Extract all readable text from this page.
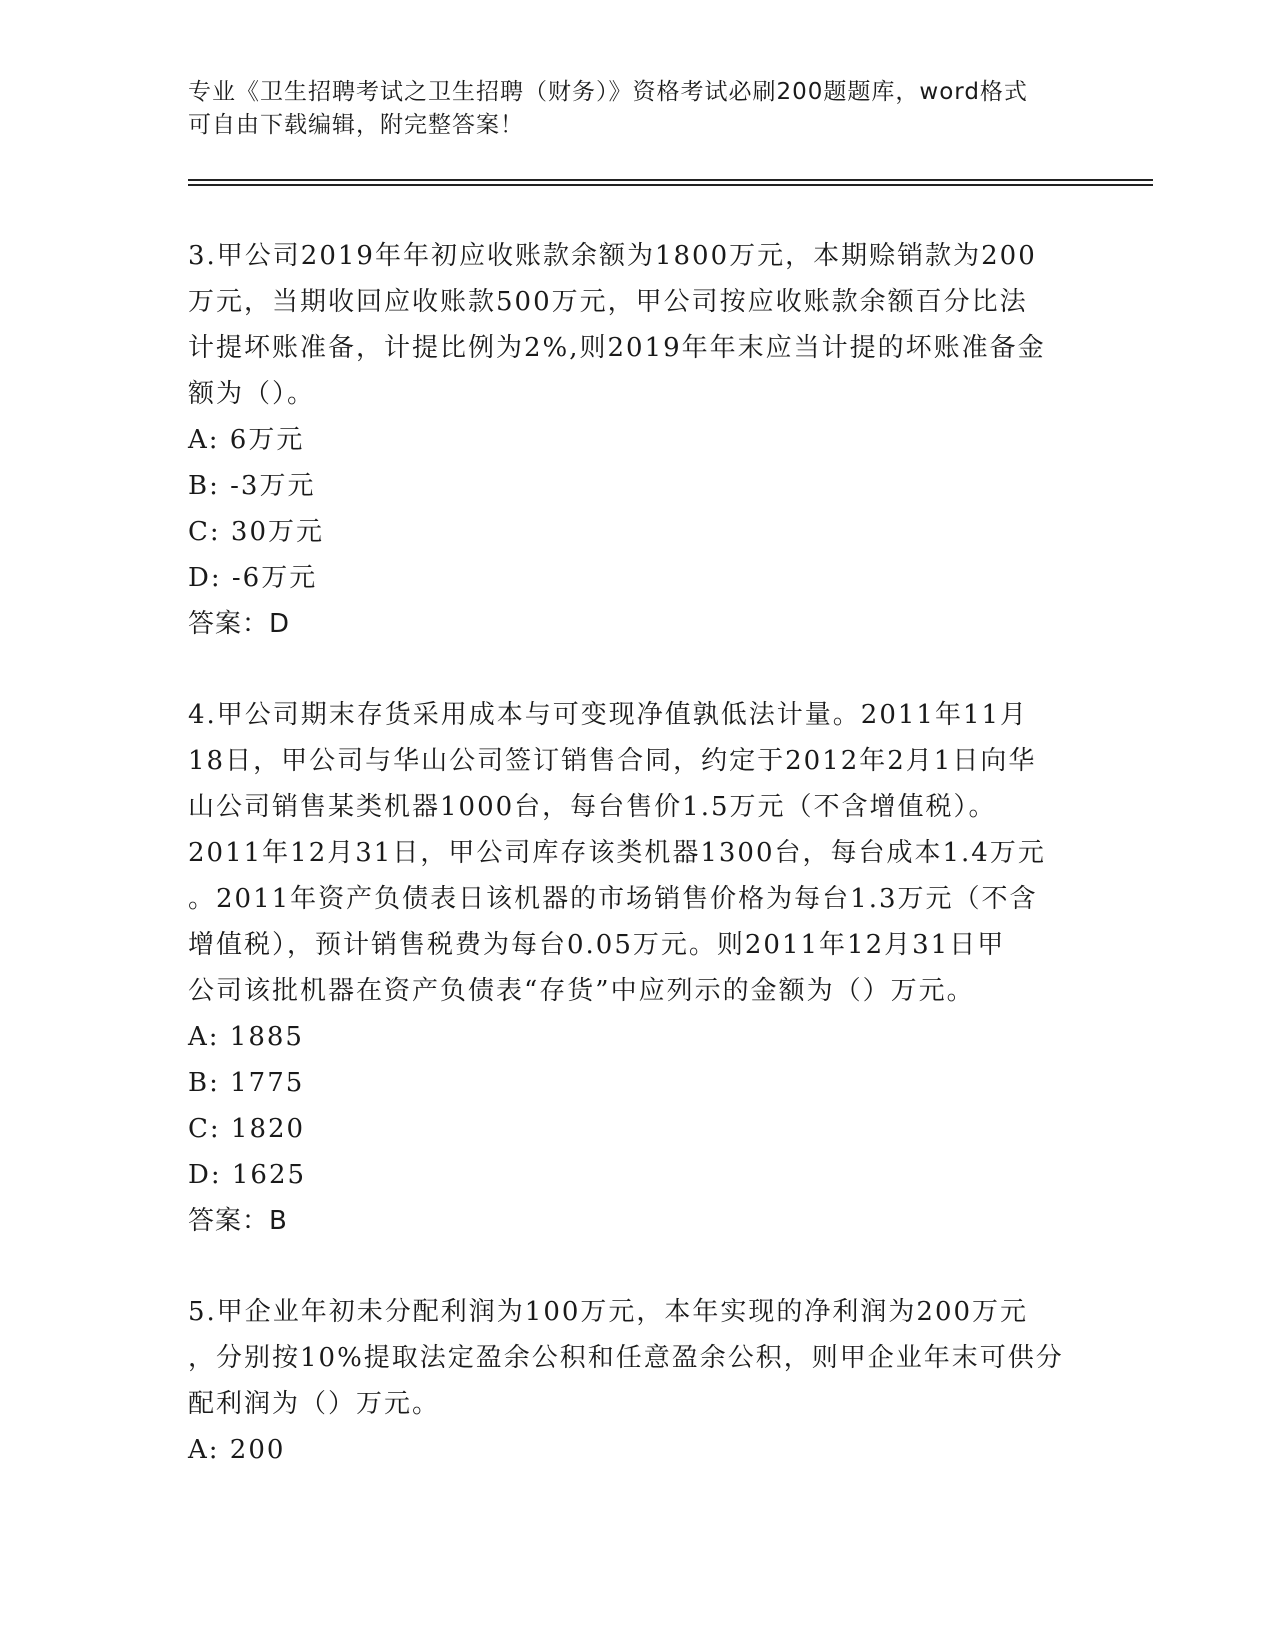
专业《卫生招聘考试之卫生招聘（财务）》资格考试必刷200题题库，word格式
可自由下载编辑，附完整答案！
3.甲公司2019年年初应收账款余额为1800万元，本期赊销款为200
万元，当期收回应收账款500万元，甲公司按应收账款余额百分比法
计提坏账准备，计提比例为2%,则2019年年末应当计提的坏账准备金
额为（）。
A: 6万元
B: -3万元
C: 30万元
D: -6万元
答案：D
4.甲公司期末存货采用成本与可变现净值孰低法计量。2011年11月
18日，甲公司与华山公司签订销售合同，约定于2012年2月1日向华
山公司销售某类机器1000台，每台售价1.5万元（不含增值税）。
2011年12月31日，甲公司库存该类机器1300台，每台成本1.4万元
。2011年资产负债表日该机器的市场销售价格为每台1.3万元（不含
增值税），预计销售税费为每台0.05万元。则2011年12月31日甲
公司该批机器在资产负债表“存货”中应列示的金额为（）万元。
A: 1885
B: 1775
C: 1820
D: 1625
答案：B
5.甲企业年初未分配利润为100万元，本年实现的净利润为200万元
，分别按10%提取法定盈余公积和任意盈余公积，则甲企业年末可供分
配利润为（）万元。
A: 200
